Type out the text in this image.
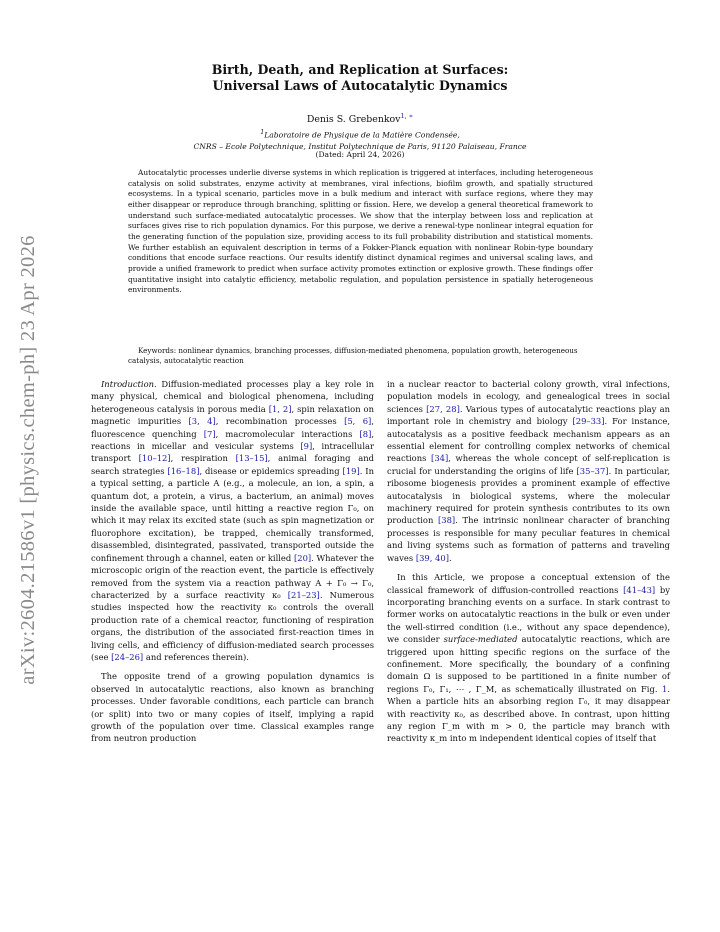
arXiv:2604.21586v1 [physics.chem-ph] 23 Apr 2026
Birth, Death, and Replication at Surfaces:
Universal Laws of Autocatalytic Dynamics
Denis S. Grebenkov$^{1, ∗}$
$^1$Laboratoire de Physique de la Matière Condensée,
CNRS – Ecole Polytechnique, Institut Polytechnique de Paris, 91120 Palaiseau, France
(Dated: April 24, 2026)
Autocatalytic processes underlie diverse systems in which replication is triggered at interfaces, including heterogeneous catalysis on solid substrates, enzyme activity at membranes, viral infections, biofilm growth, and spatially structured ecosystems. In a typical scenario, particles move in a bulk medium and interact with surface regions, where they may either disappear or reproduce through branching, splitting or fission. Here, we develop a general theoretical framework to understand such surface-mediated autocatalytic processes. We show that the interplay between loss and replication at surfaces gives rise to rich population dynamics. For this purpose, we derive a renewal-type nonlinear integral equation for the generating function of the population size, providing access to its full probability distribution and statistical moments. We further establish an equivalent description in terms of a Fokker-Planck equation with nonlinear Robin-type boundary conditions that encode surface reactions. Our results identify distinct dynamical regimes and universal scaling laws, and provide a unified framework to predict when surface activity promotes extinction or explosive growth. These findings offer quantitative insight into catalytic efficiency, metabolic regulation, and population persistence in spatially heterogeneous environments.
Keywords: nonlinear dynamics, branching processes, diffusion-mediated phenomena, population growth, heterogeneous catalysis, autocatalytic reaction

Introduction. Diffusion-mediated processes play a key role in many physical, chemical and biological phenomena, including heterogeneous catalysis in porous media [1, 2], spin relaxation on magnetic impurities [3, 4], recombination processes [5, 6], fluorescence quenching [7], macromolecular interactions [8], reactions in micellar and vesicular systems [9], intracellular transport [10–12], respiration [13–15], animal foraging and search strategies [16–18], disease or epidemics spreading [19]. In a typical setting, a particle A (e.g., a molecule, an ion, a spin, a quantum dot, a protein, a virus, a bacterium, an animal) moves inside the available space, until hitting a reactive region Γ₀, on which it may relax its excited state (such as spin magnetization or fluorophore excitation), be trapped, chemically transformed, disassembled, disintegrated, passivated, transported outside the confinement through a channel, eaten or killed [20]. Whatever the microscopic origin of the reaction event, the particle is effectively removed from the system via a reaction pathway A + Γ₀ → Γ₀, characterized by a surface reactivity κ₀ [21–23]. Numerous studies inspected how the reactivity κ₀ controls the overall production rate of a chemical reactor, functioning of respiration organs, the distribution of the associated first-reaction times in living cells, and efficiency of diffusion-mediated search processes (see [24–26] and references therein).

The opposite trend of a growing population dynamics is observed in autocatalytic reactions, also known as branching processes. Under favorable conditions, each particle can branch (or split) into two or many copies of itself, implying a rapid growth of the population over time. Classical examples range from neutron production

in a nuclear reactor to bacterial colony growth, viral infections, population models in ecology, and genealogical trees in social sciences [27, 28]. Various types of autocatalytic reactions play an important role in chemistry and biology [29–33]. For instance, autocatalysis as a positive feedback mechanism appears as an essential element for controlling complex networks of chemical reactions [34], whereas the whole concept of self-replication is crucial for understanding the origins of life [35–37]. In particular, ribosome biogenesis provides a prominent example of effective autocatalysis in biological systems, where the molecular machinery required for protein synthesis contributes to its own production [38]. The intrinsic nonlinear character of branching processes is responsible for many peculiar features in chemical and living systems such as formation of patterns and traveling waves [39, 40].

In this Article, we propose a conceptual extension of the classical framework of diffusion-controlled reactions [41–43] by incorporating branching events on a surface. In stark contrast to former works on autocatalytic reactions in the bulk or even under the well-stirred condition (i.e., without any space dependence), we consider surface-mediated autocatalytic reactions, which are triggered upon hitting specific regions on the surface of the confinement. More specifically, the boundary of a confining domain Ω is supposed to be partitioned in a finite number of regions Γ₀, Γ₁, ⋯ , Γ_M, as schematically illustrated on Fig. 1. When a particle hits an absorbing region Γ₀, it may disappear with reactivity κ₀, as described above. In contrast, upon hitting any region Γ_m with m > 0, the particle may branch with reactivity κ_m into m independent identical copies of itself that
